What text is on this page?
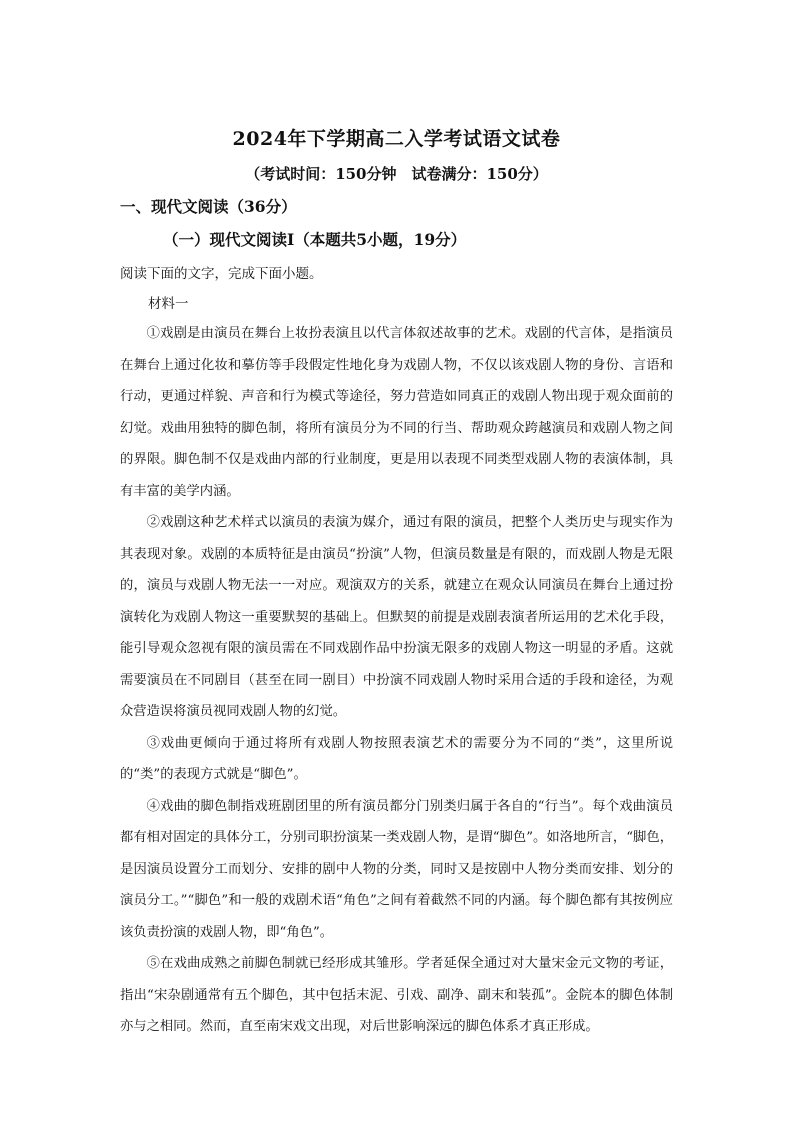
2024年下学期高二入学考试语文试卷
（考试时间：150分钟　试卷满分：150分）
一、现代文阅读（36分）
（一）现代文阅读I（本题共5小题，19分）
阅读下面的文字，完成下面小题。
材料一

①戏剧是由演员在舞台上妆扮表演且以代言体叙述故事的艺术。戏剧的代言体，是指演员在舞台上通过化妆和摹仿等手段假定性地化身为戏剧人物，不仅以该戏剧人物的身份、言语和行动，更通过样貌、声音和行为模式等途径，努力营造如同真正的戏剧人物出现于观众面前的幻觉。戏曲用独特的脚色制，将所有演员分为不同的行当、帮助观众跨越演员和戏剧人物之间的界限。脚色制不仅是戏曲内部的行业制度，更是用以表现不同类型戏剧人物的表演体制，具有丰富的美学内涵。

②戏剧这种艺术样式以演员的表演为媒介，通过有限的演员，把整个人类历史与现实作为其表现对象。戏剧的本质特征是由演员“扮演”人物，但演员数量是有限的，而戏剧人物是无限的，演员与戏剧人物无法一一对应。观演双方的关系，就建立在观众认同演员在舞台上通过扮演转化为戏剧人物这一重要默契的基础上。但默契的前提是戏剧表演者所运用的艺术化手段，能引导观众忽视有限的演员需在不同戏剧作品中扮演无限多的戏剧人物这一明显的矛盾。这就需要演员在不同剧目（甚至在同一剧目）中扮演不同戏剧人物时采用合适的手段和途径，为观众营造误将演员视同戏剧人物的幻觉。

③戏曲更倾向于通过将所有戏剧人物按照表演艺术的需要分为不同的“类”，这里所说的“类”的表现方式就是“脚色”。

④戏曲的脚色制指戏班剧团里的所有演员都分门别类归属于各自的“行当”。每个戏曲演员都有相对固定的具体分工，分别司职扮演某一类戏剧人物，是谓“脚色”。如洛地所言，“脚色，是因演员设置分工而划分、安排的剧中人物的分类，同时又是按剧中人物分类而安排、划分的演员分工。”“脚色”和一般的戏剧术语“角色”之间有着截然不同的内涵。每个脚色都有其按例应该负责扮演的戏剧人物，即“角色”。

⑤在戏曲成熟之前脚色制就已经形成其雏形。学者延保全通过对大量宋金元文物的考证，指出“宋杂剧通常有五个脚色，其中包括末泥、引戏、副净、副末和装孤”。金院本的脚色体制亦与之相同。然而，直至南宋戏文出现，对后世影响深远的脚色体系才真正形成。
